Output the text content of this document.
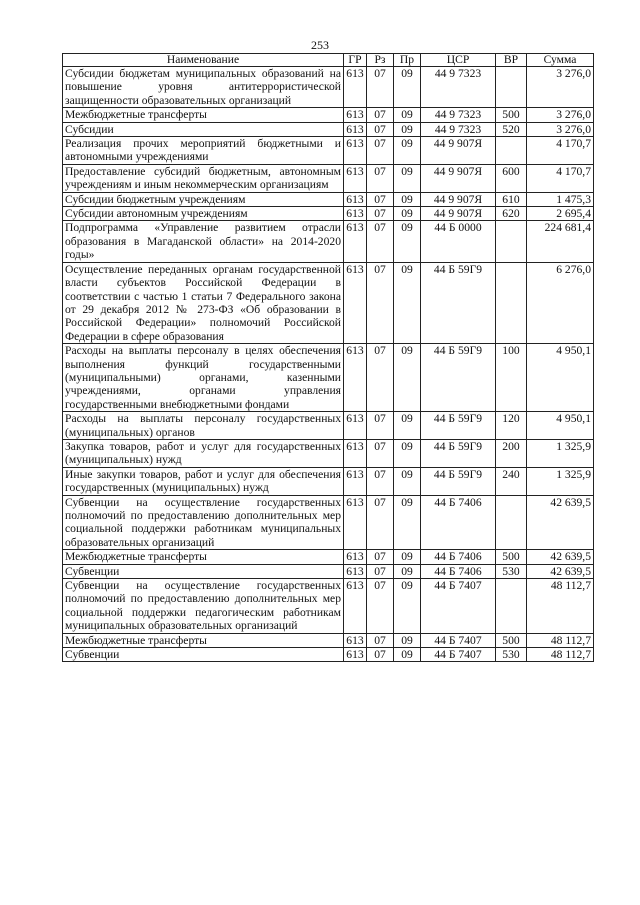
253
Наименование	ГР	Рз	Пр	ЦСР	ВР	Сумма
Субсидии бюджетам муниципальных образований на повышение уровня антитеррористической защищенности образовательных организаций	613	07	09	44 9 7323		3 276,0
Межбюджетные трансферты	613	07	09	44 9 7323	500	3 276,0
Субсидии	613	07	09	44 9 7323	520	3 276,0
Реализация прочих мероприятий бюджетными и автономными учреждениями	613	07	09	44 9 907Я		4 170,7
Предоставление субсидий бюджетным, автономным учреждениям и иным некоммерческим организациям	613	07	09	44 9 907Я	600	4 170,7
Субсидии бюджетным учреждениям	613	07	09	44 9 907Я	610	1 475,3
Субсидии автономным учреждениям	613	07	09	44 9 907Я	620	2 695,4
Подпрограмма «Управление развитием отрасли образования в Магаданской области» на 2014-2020 годы»	613	07	09	44 Б 0000		224 681,4
Осуществление переданных органам государственной власти субъектов Российской Федерации в соответствии с частью 1 статьи 7 Федерального закона от 29 декабря 2012 № 273-ФЗ «Об образовании в Российской Федерации» полномочий Российской Федерации в сфере образования	613	07	09	44 Б 59Г9		6 276,0
Расходы на выплаты персоналу в целях обеспечения выполнения функций государственными (муниципальными) органами, казенными учреждениями, органами управления государственными внебюджетными фондами	613	07	09	44 Б 59Г9	100	4 950,1
Расходы на выплаты персоналу государственных (муниципальных) органов	613	07	09	44 Б 59Г9	120	4 950,1
Закупка товаров, работ и услуг для государственных (муниципальных) нужд	613	07	09	44 Б 59Г9	200	1 325,9
Иные закупки товаров, работ и услуг для обеспечения государственных (муниципальных) нужд	613	07	09	44 Б 59Г9	240	1 325,9
Субвенции на осуществление государственных полномочий по предоставлению дополнительных мер социальной поддержки работникам муниципальных образовательных организаций	613	07	09	44 Б 7406		42 639,5
Межбюджетные трансферты	613	07	09	44 Б 7406	500	42 639,5
Субвенции	613	07	09	44 Б 7406	530	42 639,5
Субвенции на осуществление государственных полномочий по предоставлению дополнительных мер социальной поддержки педагогическим работникам муниципальных образовательных организаций	613	07	09	44 Б 7407		48 112,7
Межбюджетные трансферты	613	07	09	44 Б 7407	500	48 112,7
Субвенции	613	07	09	44 Б 7407	530	48 112,7
